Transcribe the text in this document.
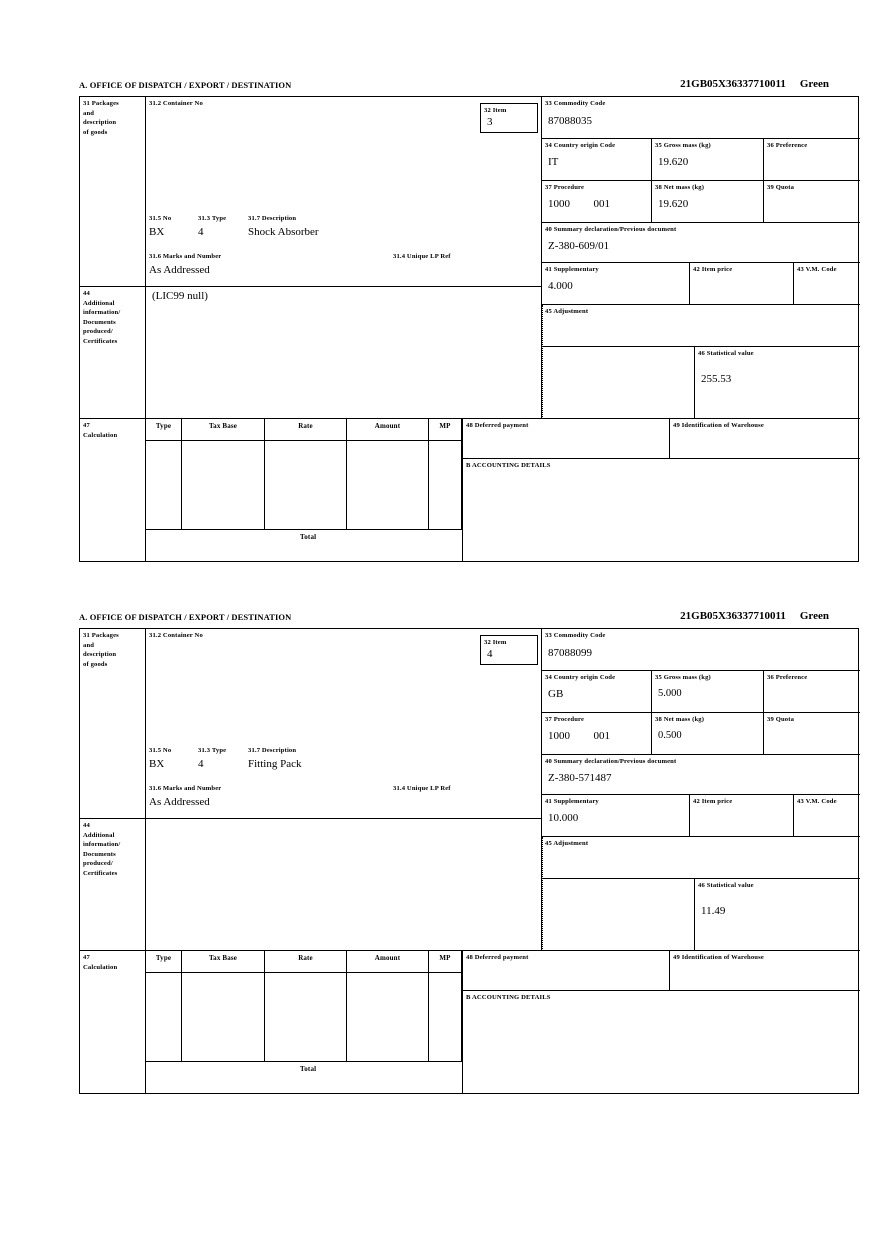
A. OFFICE OF DISPATCH / EXPORT / DESTINATION	21GB05X36337710011 Green
31 Packages
and
description
of goods
31.2 Container No
31.5 No	31.3 Type	31.7 Description
BX	4	Shock Absorber
31.6 Marks and Number	31.4 Unique LP Ref
As Addressed
32 Item
3
33 Commodity Code
87088035
34 Country origin Code
IT
35 Gross mass (kg)
19.620
36 Preference
37 Procedure
1000 001
38 Net mass (kg)
19.620
39 Quota
40 Summary declaration/Previous document
Z-380-609/01
41 Supplementary
4.000
42 Item price	43 V.M. Code
45 Adjustment
46 Statistical value
255.53
44
Additional
information/
Documents
produced/
Certificates
(LIC99 null)
47
Calculation
Type	Tax Base	Rate	Amount	MP
Total
48 Deferred payment	49 Identification of Warehouse
B ACCOUNTING DETAILS
A. OFFICE OF DISPATCH / EXPORT / DESTINATION	21GB05X36337710011 Green
31 Packages
and
description
of goods
31.2 Container No
31.5 No	31.3 Type	31.7 Description
BX	4	Fitting Pack
31.6 Marks and Number	31.4 Unique LP Ref
As Addressed
32 Item
4
33 Commodity Code
87088099
34 Country origin Code
GB
35 Gross mass (kg)
5.000
36 Preference
37 Procedure
1000 001
38 Net mass (kg)
0.500
39 Quota
40 Summary declaration/Previous document
Z-380-571487
41 Supplementary
10.000
42 Item price	43 V.M. Code
45 Adjustment
46 Statistical value
11.49
44
Additional
information/
Documents
produced/
Certificates
47
Calculation
Type	Tax Base	Rate	Amount	MP
Total
48 Deferred payment	49 Identification of Warehouse
B ACCOUNTING DETAILS
